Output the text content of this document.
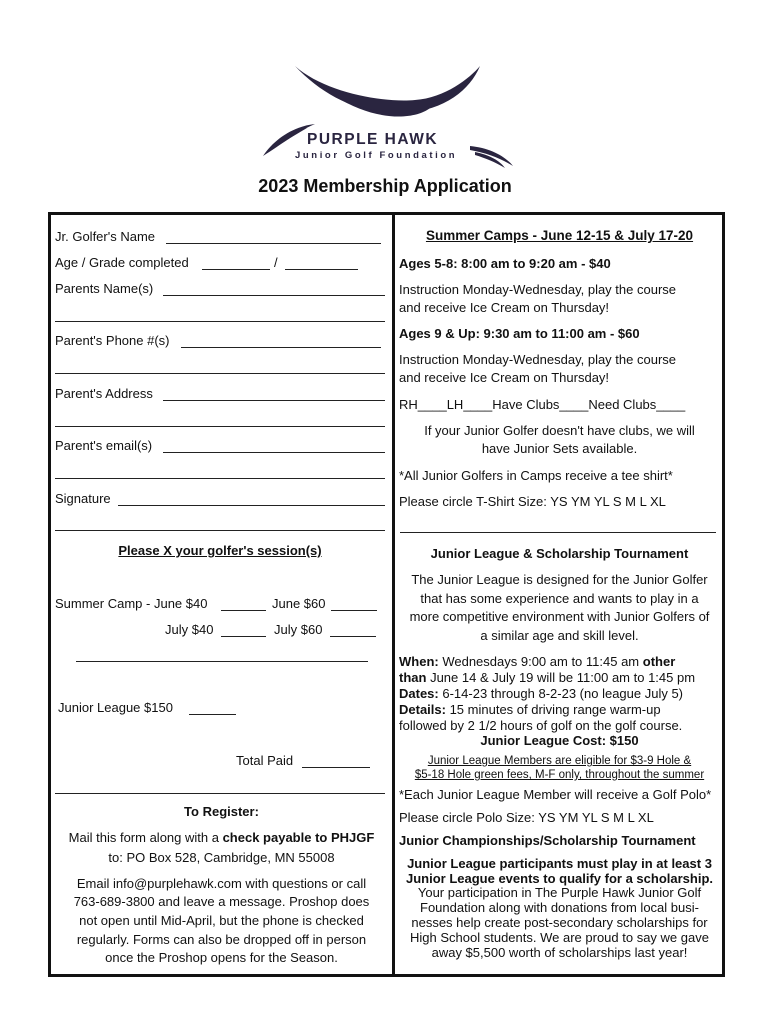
PURPLE HAWK
Junior Golf Foundation
2023 Membership Application
Jr. Golfer's Name
Age / Grade completed	/
Parents Name(s)
Parent's Phone #(s)
Parent's Address
Parent's email(s)
Signature
Please X your golfer's session(s)
Summer Camp - June $40	June $60
July $40	July $60
Junior League $150
Total Paid
To Register:
Mail this form along with a check payable to PHJGF
to: PO Box 528, Cambridge, MN 55008
Email info@purplehawk.com with questions or call
763-689-3800 and leave a message. Proshop does
not open until Mid-April, but the phone is checked
regularly. Forms can also be dropped off in person
once the Proshop opens for the Season.
Summer Camps - June 12-15 & July 17-20
Ages 5-8: 8:00 am to 9:20 am - $40
Instruction Monday-Wednesday, play the course
and receive Ice Cream on Thursday!
Ages 9 & Up: 9:30 am to 11:00 am - $60
Instruction Monday-Wednesday, play the course
and receive Ice Cream on Thursday!
RH____LH____Have Clubs____Need Clubs____
If your Junior Golfer doesn't have clubs, we will
have Junior Sets available.
*All Junior Golfers in Camps receive a tee shirt*
Please circle T-Shirt Size: YS YM YL S M L XL
Junior League & Scholarship Tournament
The Junior League is designed for the Junior Golfer
that has some experience and wants to play in a
more competitive environment with Junior Golfers of
a similar age and skill level.
When: Wednesdays 9:00 am to 11:45 am other
than June 14 & July 19 will be 11:00 am to 1:45 pm
Dates: 6-14-23 through 8-2-23 (no league July 5)
Details: 15 minutes of driving range warm-up
followed by 2 1/2 hours of golf on the golf course.
Junior League Cost: $150
Junior League Members are eligible for $3-9 Hole &
$5-18 Hole green fees, M-F only, throughout the summer
*Each Junior League Member will receive a Golf Polo*
Please circle Polo Size: YS YM YL S M L XL
Junior Championships/Scholarship Tournament
Junior League participants must play in at least 3
Junior League events to qualify for a scholarship.
Your participation in The Purple Hawk Junior Golf
Foundation along with donations from local busi-
nesses help create post-secondary scholarships for
High School students. We are proud to say we gave
away $5,500 worth of scholarships last year!
